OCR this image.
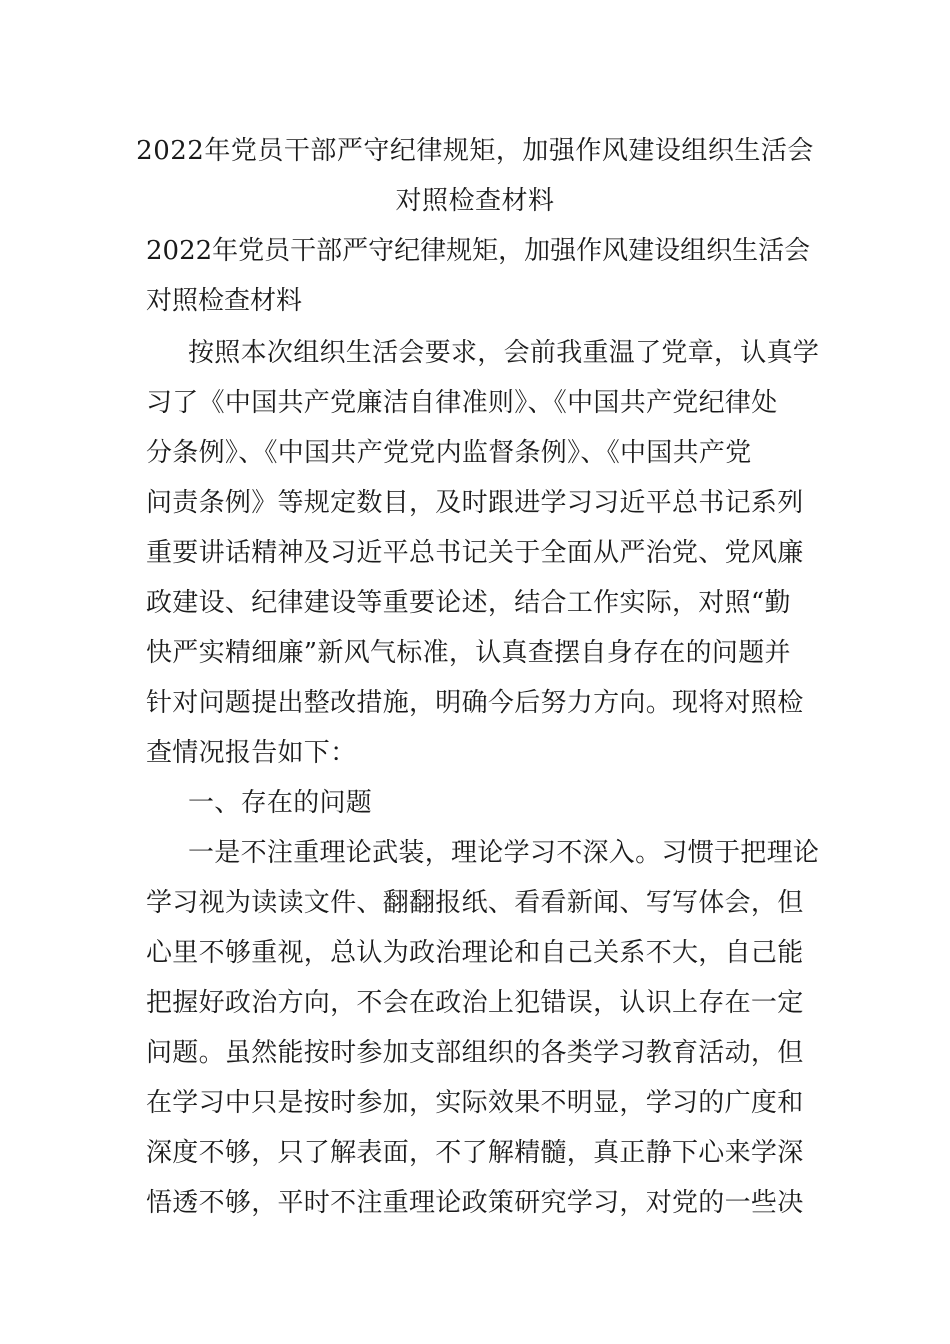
2022年党员干部严守纪律规矩，加强作风建设组织生活会
对照检查材料
2022年党员干部严守纪律规矩，加强作风建设组织生活会
对照检查材料
按照本次组织生活会要求，会前我重温了党章，认真学
习了《中国共产党廉洁自律准则》、《中国共产党纪律处
分条例》、《中国共产党党内监督条例》、《中国共产党
问责条例》等规定数目，及时跟进学习习近平总书记系列
重要讲话精神及习近平总书记关于全面从严治党、党风廉
政建设、纪律建设等重要论述，结合工作实际，对照“勤
快严实精细廉”新风气标准，认真查摆自身存在的问题并
针对问题提出整改措施，明确今后努力方向。现将对照检
查情况报告如下：
一、存在的问题
一是不注重理论武装，理论学习不深入。习惯于把理论
学习视为读读文件、翻翻报纸、看看新闻、写写体会，但
心里不够重视，总认为政治理论和自己关系不大，自己能
把握好政治方向，不会在政治上犯错误，认识上存在一定
问题。虽然能按时参加支部组织的各类学习教育活动，但
在学习中只是按时参加，实际效果不明显，学习的广度和
深度不够，只了解表面，不了解精髓，真正静下心来学深
悟透不够，平时不注重理论政策研究学习，对党的一些决
